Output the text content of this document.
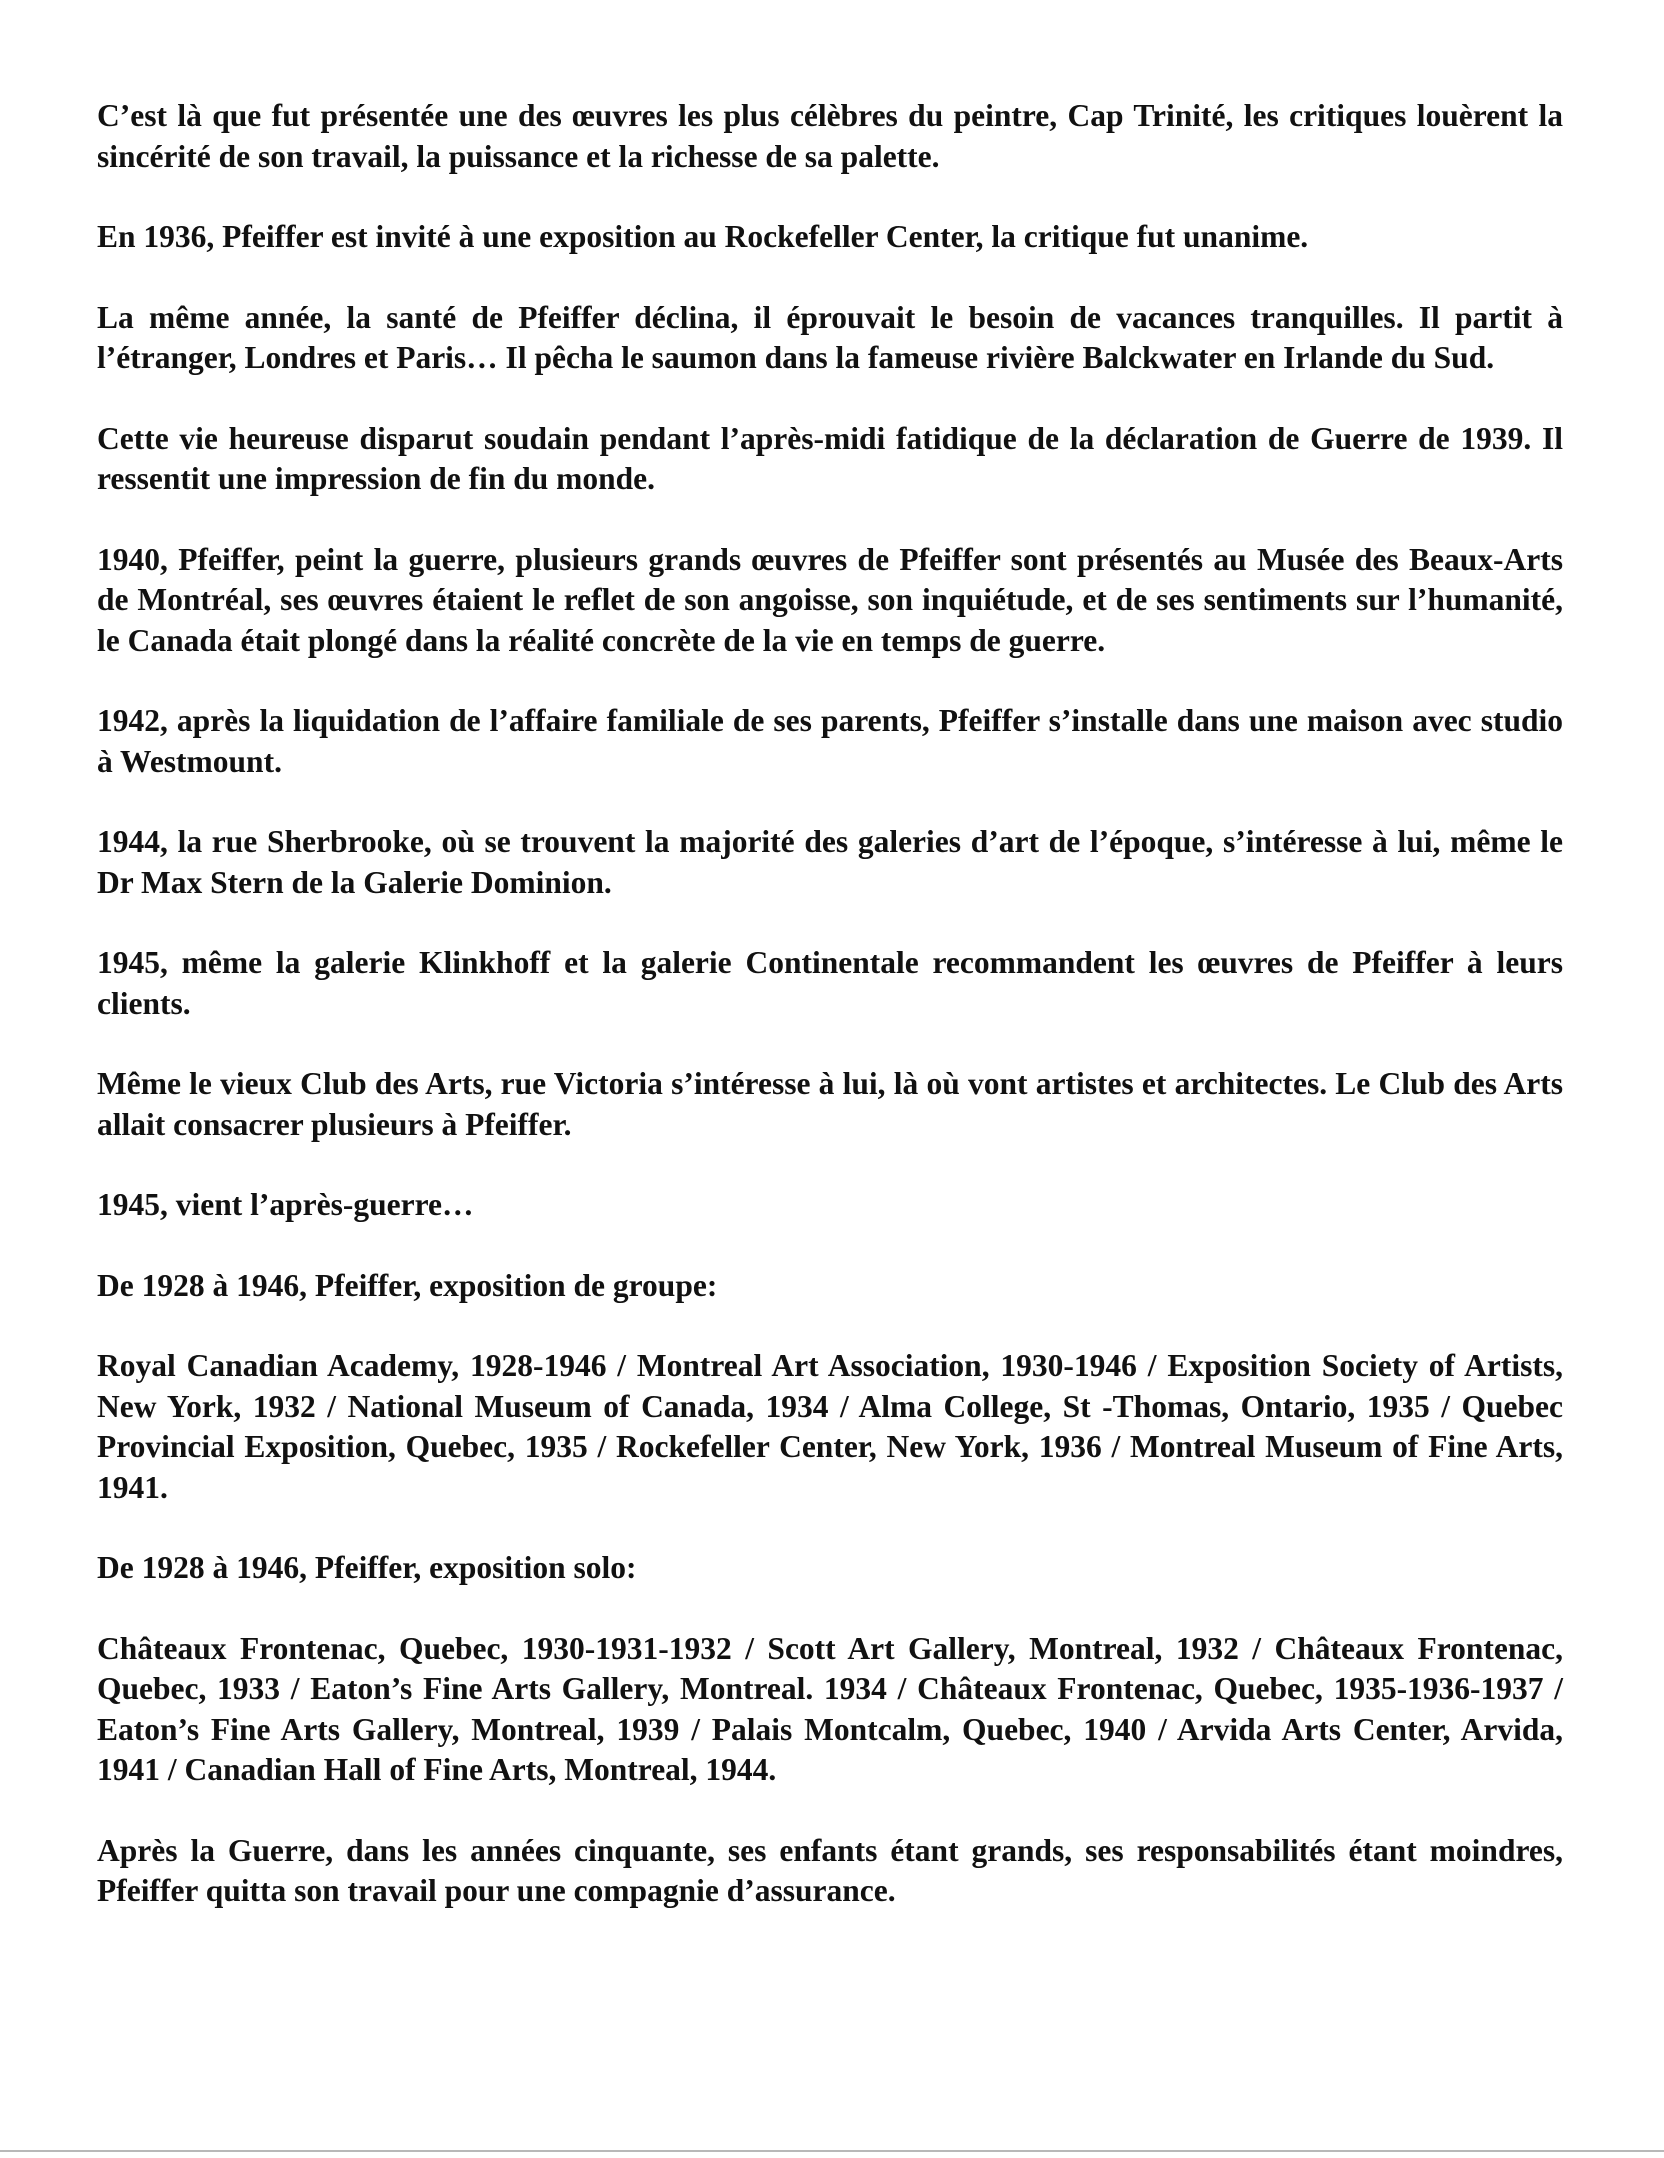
C’est là que fut présentée une des œuvres les plus célèbres du peintre, Cap Trinité, les critiques louèrent la sincérité de son travail, la puissance et la richesse de sa palette.

En 1936, Pfeiffer est invité à une exposition au Rockefeller Center, la critique fut unanime.

La même année, la santé de Pfeiffer déclina, il éprouvait le besoin de vacances tranquilles. Il partit à l’étranger, Londres et Paris… Il pêcha le saumon dans la fameuse rivière Balckwater en Irlande du Sud.

Cette vie heureuse disparut soudain pendant l’après-midi fatidique de la déclaration de Guerre de 1939. Il ressentit une impression de fin du monde.

1940, Pfeiffer, peint la guerre, plusieurs grands œuvres de Pfeiffer sont présentés au Musée des Beaux-Arts de Montréal, ses œuvres étaient le reflet de son angoisse, son inquiétude, et de ses sentiments sur l’humanité, le Canada était plongé dans la réalité concrète de la vie en temps de guerre.

1942, après la liquidation de l’affaire familiale de ses parents, Pfeiffer s’installe dans une maison avec studio à Westmount.

1944, la rue Sherbrooke, où se trouvent la majorité des galeries d’art de l’époque, s’intéresse à lui, même le Dr Max Stern de la Galerie Dominion.

1945, même la galerie Klinkhoff et la galerie Continentale recommandent les œuvres de Pfeiffer à leurs clients.

Même le vieux Club des Arts, rue Victoria s’intéresse à lui, là où vont artistes et architectes. Le Club des Arts allait consacrer plusieurs à Pfeiffer.

1945, vient l’après-guerre…

De 1928 à 1946, Pfeiffer, exposition de groupe:

Royal Canadian Academy, 1928-1946 / Montreal Art Association, 1930-1946 / Exposition Society of Artists, New York, 1932 / National Museum of Canada, 1934 / Alma College, St -Thomas, Ontario, 1935 / Quebec Provincial Exposition, Quebec, 1935 / Rockefeller Center, New York, 1936 / Montreal Museum of Fine Arts, 1941.

De 1928 à 1946, Pfeiffer, exposition solo:

Châteaux Frontenac, Quebec, 1930-1931-1932 / Scott Art Gallery, Montreal, 1932 / Châteaux Frontenac, Quebec, 1933 / Eaton’s Fine Arts Gallery, Montreal. 1934 / Châteaux Frontenac, Quebec, 1935-1936-1937 / Eaton’s Fine Arts Gallery, Montreal, 1939 / Palais Montcalm, Quebec, 1940 / Arvida Arts Center, Arvida, 1941 / Canadian Hall of Fine Arts, Montreal, 1944.

Après la Guerre, dans les années cinquante, ses enfants étant grands, ses responsabilités étant moindres, Pfeiffer quitta son travail pour une compagnie d’assurance.
